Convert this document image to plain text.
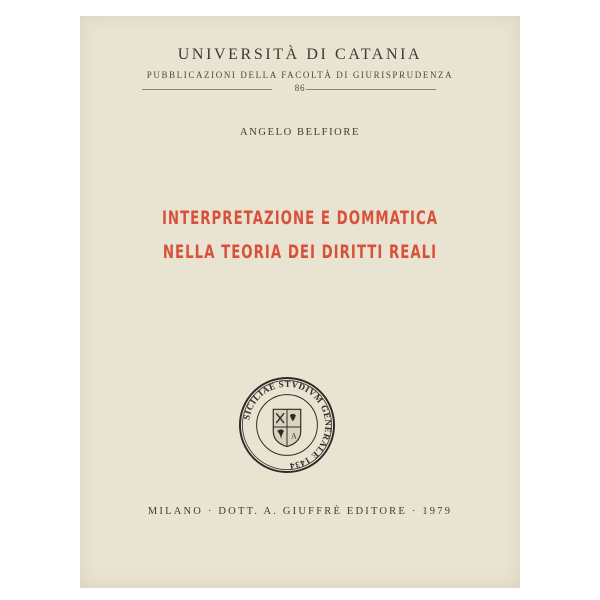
UNIVERSITÀ DI CATANIA
PUBBLICAZIONI DELLA FACOLTÀ DI GIURISPRUDENZA
86
ANGELO BELFIORE
INTERPRETAZIONE E DOMMATICA
NELLA TEORIA DEI DIRITTI REALI
SICILIAE STVDIVM GENERALE 1434
A
MILANO · DOTT. A. GIUFFRÈ EDITORE · 1979
